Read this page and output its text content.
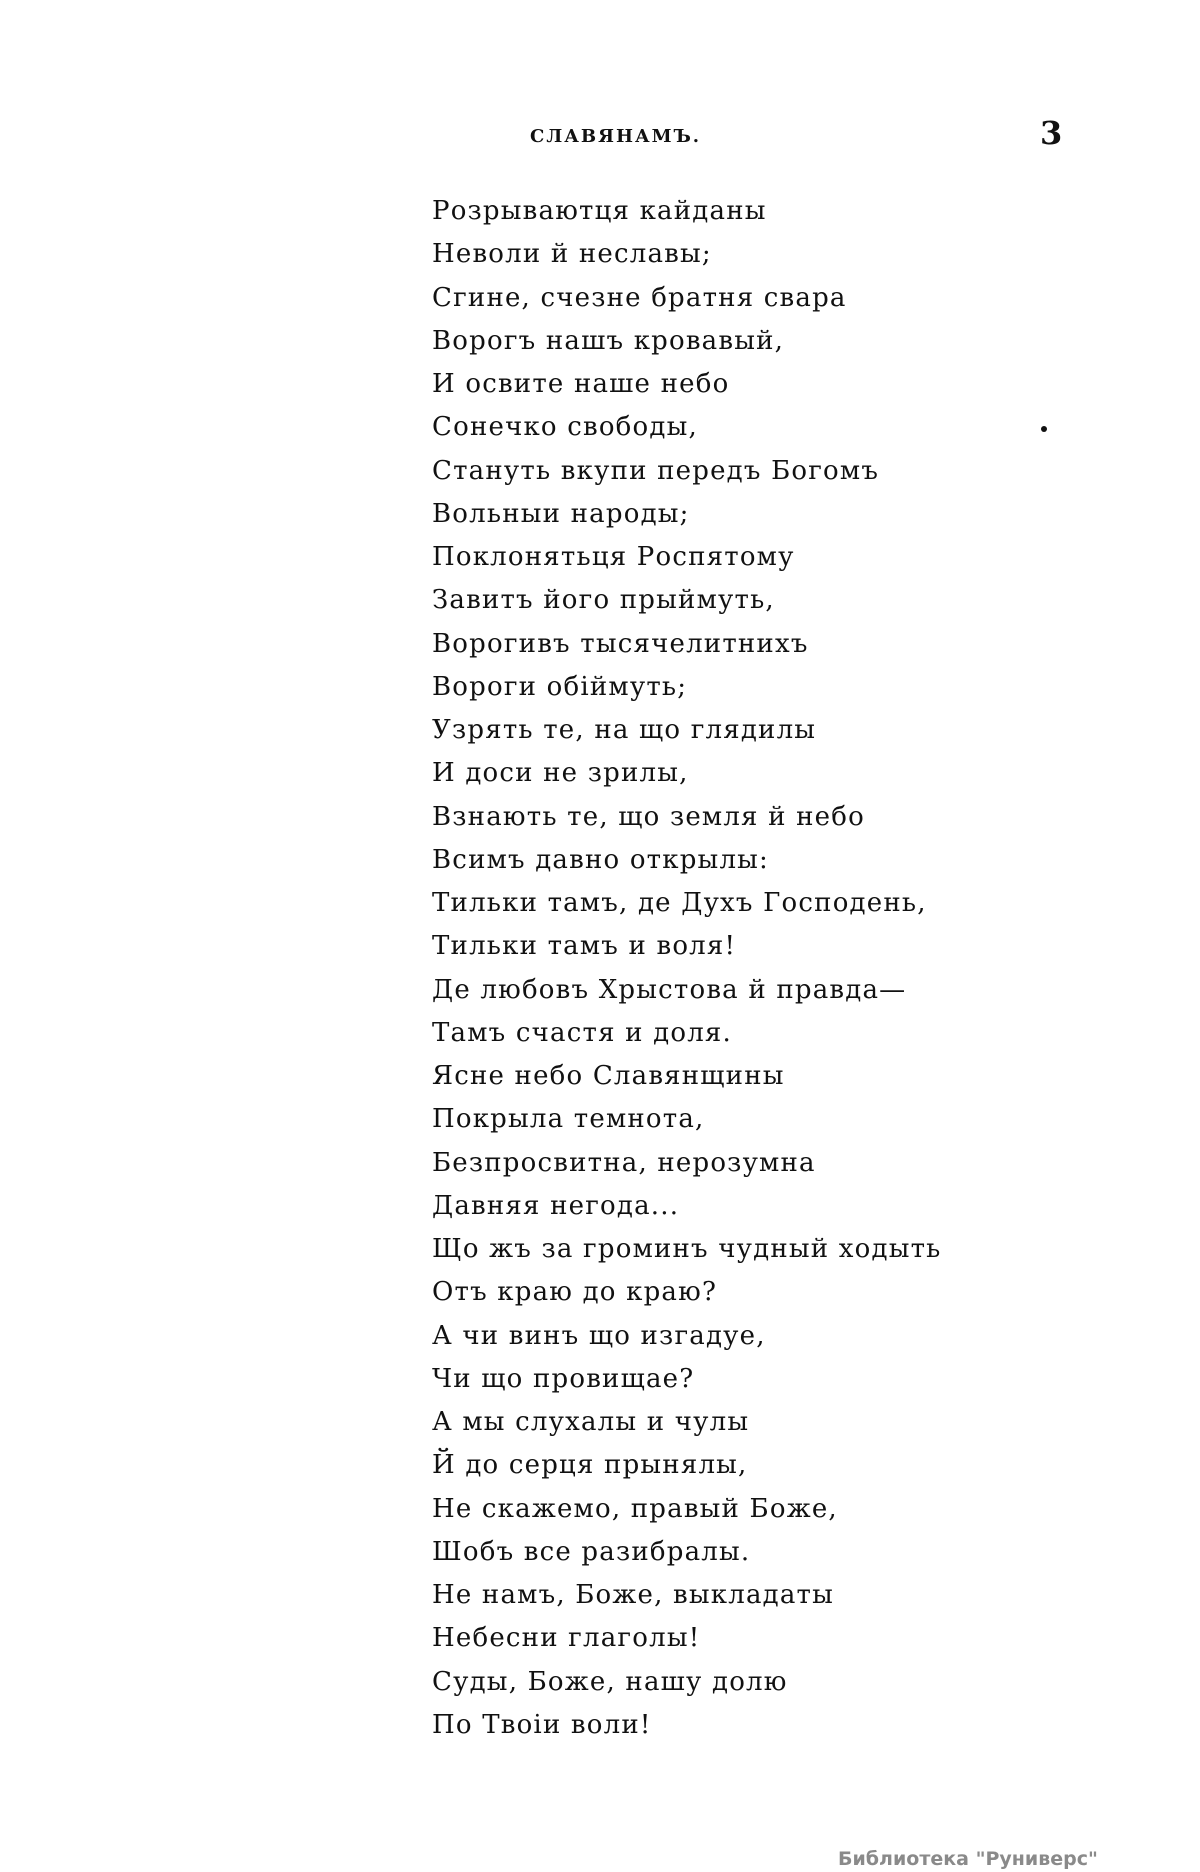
СЛАВЯНАМЪ.	3
Розрываютця кайданы
Неволи й неславы;
Сгине, счезне братня свара
Ворогъ нашъ кровавый,
И освите наше небо
Сонечко свободы,
Стануть вкупи передъ Богомъ
Вольныи народы;
Поклонятьця Роспятому
Завитъ його прыймуть,
Ворогивъ тысячелитнихъ
Вороги обіймуть;
Узрять те, на що глядилы
И доси не зрилы,
Взнають те, що земля й небо
Всимъ давно открылы:
Тильки тамъ, де Духъ Господень,
Тильки тамъ и воля!
Де любовъ Хрыстова й правда—
Тамъ счастя и доля.
Ясне небо Славянщины
Покрыла темнота,
Безпросвитна, нерозумна
Давняя негода...
Що жъ за громинъ чудный ходыть
Отъ краю до краю?
А чи винъ що изгадуе,
Чи що провищае?
А мы слухалы и чулы
Й до серця прынялы,
Не скажемо, правый Боже,
Шобъ все разибралы.
Не намъ, Боже, выкладаты
Небесни глаголы!
Суды, Боже, нашу долю
По Твоіи воли!
Библиотека "Руниверс"
